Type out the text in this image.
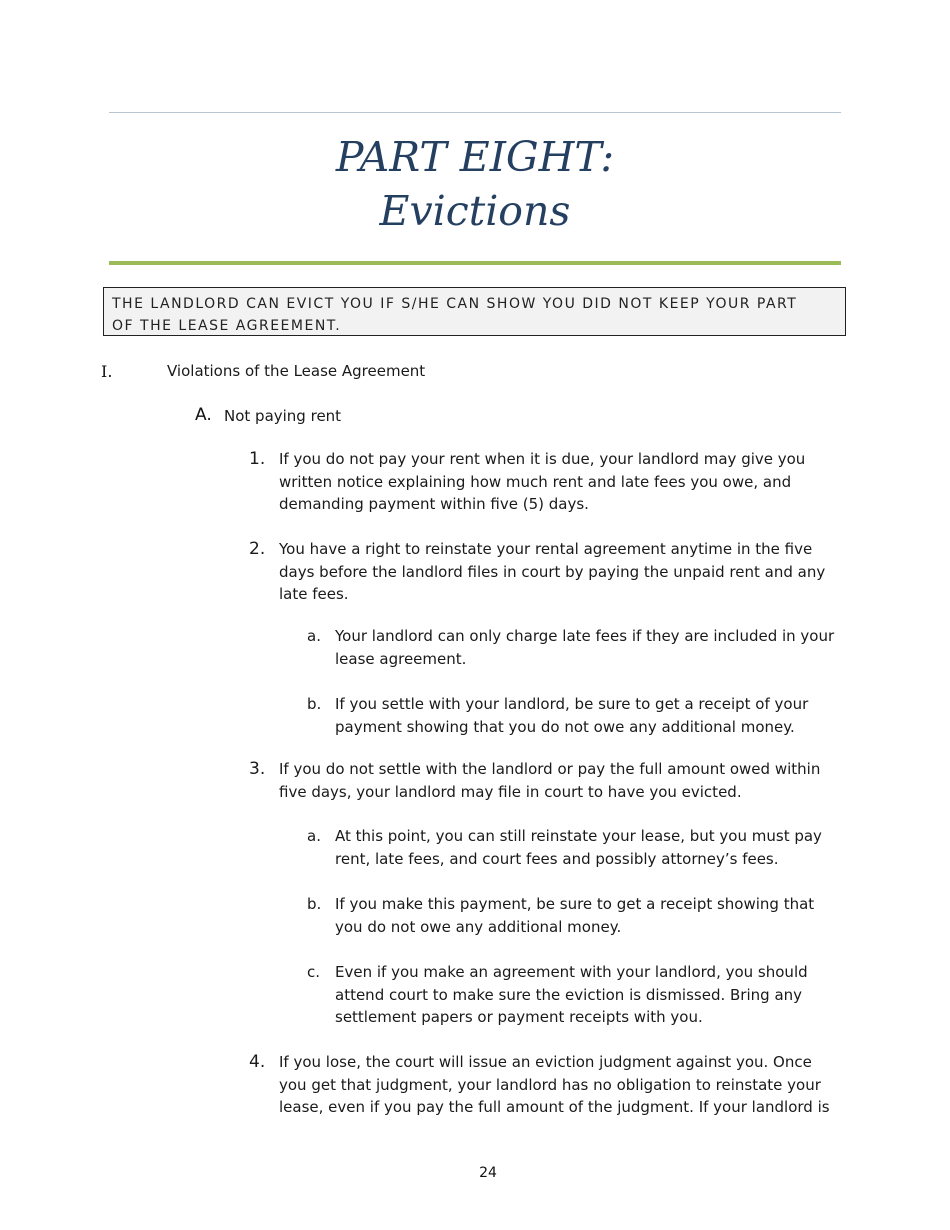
PART EIGHT:
Evictions
THE LANDLORD CAN EVICT YOU IF S/HE CAN SHOW YOU DID NOT KEEP YOUR PART
OF THE LEASE AGREEMENT.
I.	Violations of the Lease Agreement
A. Not paying rent
1. If you do not pay your rent when it is due, your landlord may give you
written notice explaining how much rent and late fees you owe, and
demanding payment within five (5) days.
2. You have a right to reinstate your rental agreement anytime in the five
days before the landlord files in court by paying the unpaid rent and any
late fees.
a. Your landlord can only charge late fees if they are included in your
lease agreement.
b. If you settle with your landlord, be sure to get a receipt of your
payment showing that you do not owe any additional money.
3. If you do not settle with the landlord or pay the full amount owed within
five days, your landlord may file in court to have you evicted.
a. At this point, you can still reinstate your lease, but you must pay
rent, late fees, and court fees and possibly attorney’s fees.
b. If you make this payment, be sure to get a receipt showing that
you do not owe any additional money.
c. Even if you make an agreement with your landlord, you should
attend court to make sure the eviction is dismissed. Bring any
settlement papers or payment receipts with you.
4. If you lose, the court will issue an eviction judgment against you. Once
you get that judgment, your landlord has no obligation to reinstate your
lease, even if you pay the full amount of the judgment. If your landlord is
24
